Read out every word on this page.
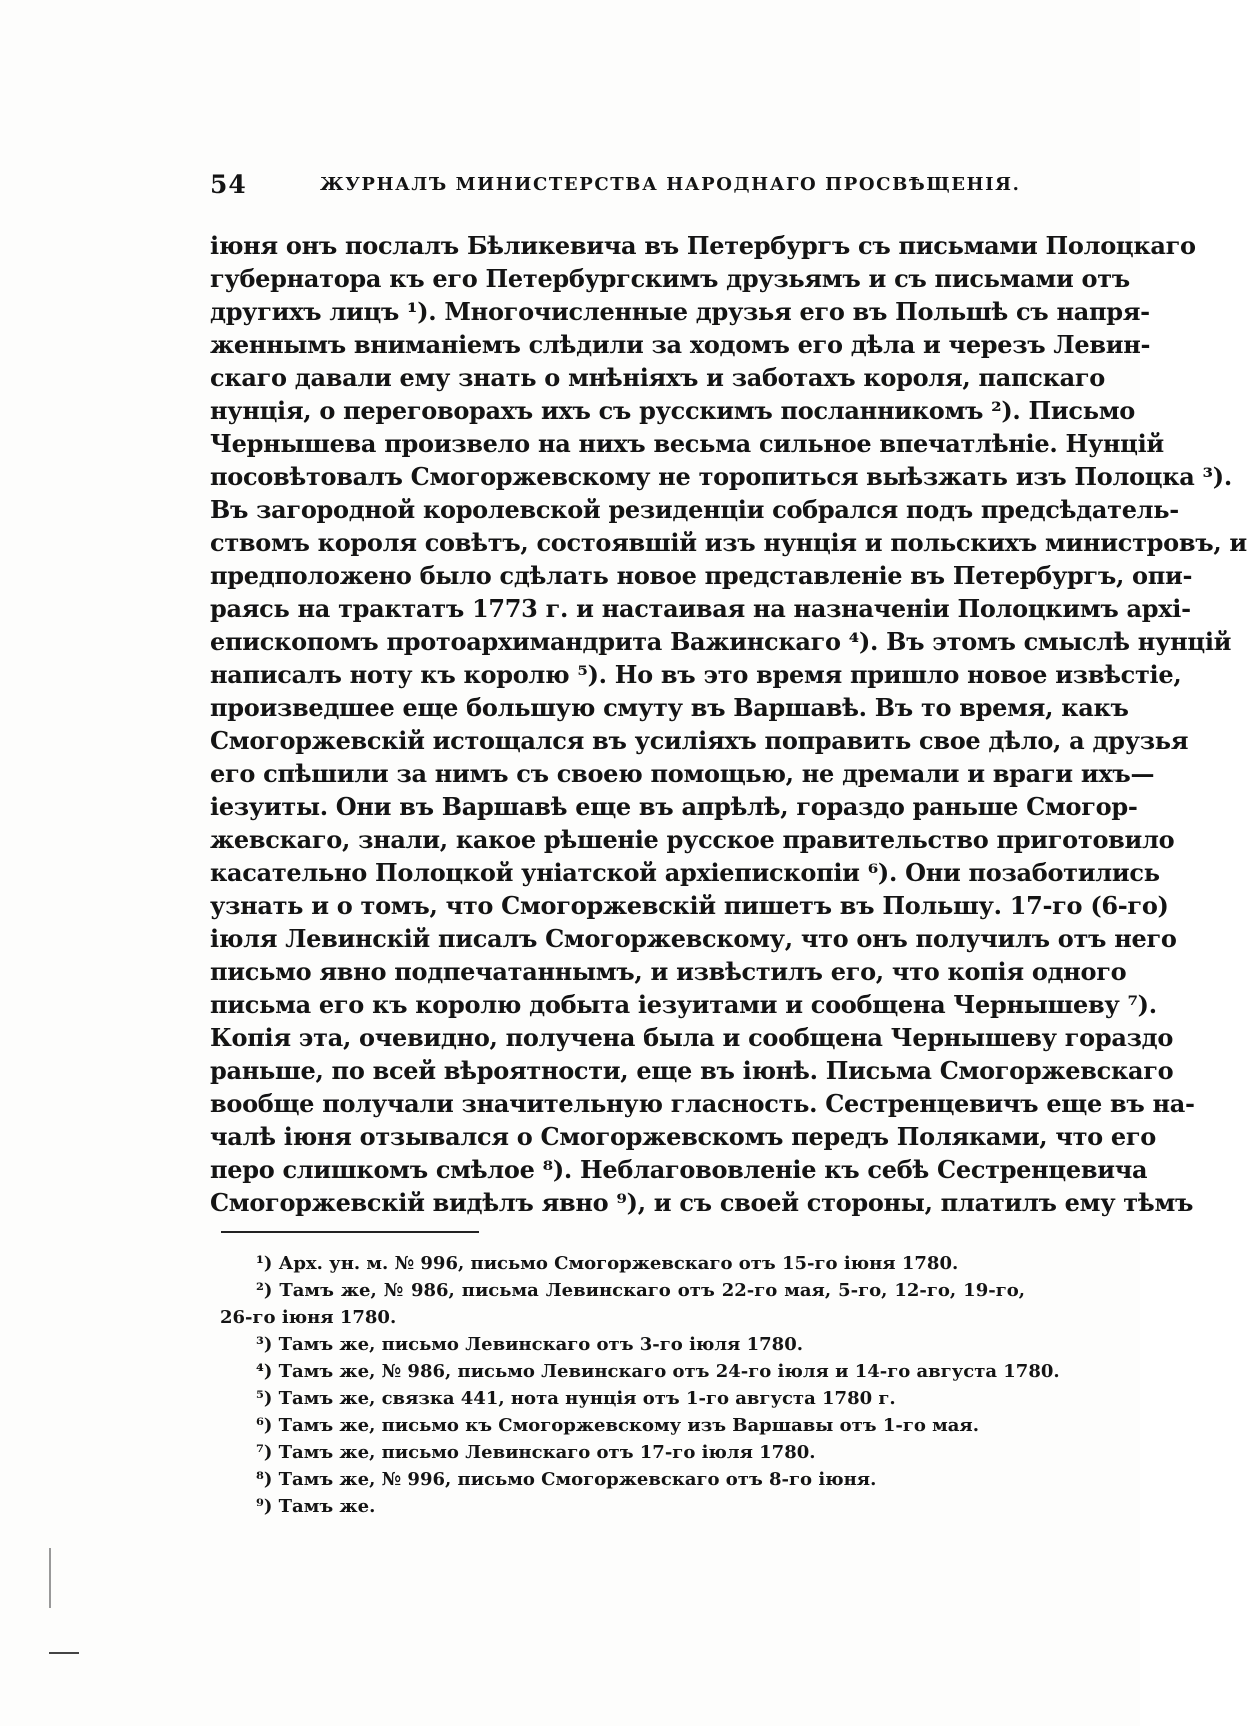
54	ЖУРНАЛЪ МИНИСТЕРСТВА НАРОДНАГО ПРОСВѢЩЕНІЯ.
іюня онъ послалъ Бѣликевича въ Петербургъ съ письмами Полоцкаго
губернатора къ его Петербургскимъ друзьямъ и съ письмами отъ
другихъ лицъ ¹). Многочисленные друзья его въ Польшѣ съ напря-
женнымъ вниманіемъ слѣдили за ходомъ его дѣла и черезъ Левин-
скаго давали ему знать о мнѣніяхъ и заботахъ короля, папскаго
нунція, о переговорахъ ихъ съ русскимъ посланникомъ ²). Письмо
Чернышева произвело на нихъ весьма сильное впечатлѣніе. Нунцій
посовѣтовалъ Смогоржевскому не торопиться выѣзжать изъ Полоцка ³).
Въ загородной королевской резиденціи собрался подъ предсѣдатель-
ствомъ короля совѣтъ, состоявшій изъ нунція и польскихъ министровъ, и
предположено было сдѣлать новое представленіе въ Петербургъ, опи-
раясь на трактатъ 1773 г. и настаивая на назначеніи Полоцкимъ архі-
епископомъ протоархимандрита Важинскаго ⁴). Въ этомъ смыслѣ нунцій
написалъ ноту къ королю ⁵). Но въ это время пришло новое извѣстіе,
произведшее еще большую смуту въ Варшавѣ. Въ то время, какъ
Смогоржевскій истощался въ усиліяхъ поправить свое дѣло, а друзья
его спѣшили за нимъ съ своею помощью, не дремали и враги ихъ—
іезуиты. Они въ Варшавѣ еще въ апрѣлѣ, гораздо раньше Смогор-
жевскаго, знали, какое рѣшеніе русское правительство приготовило
касательно Полоцкой уніатской архіепископіи ⁶). Они позаботились
узнать и о томъ, что Смогоржевскій пишетъ въ Польшу. 17-го (6-го)
іюля Левинскій писалъ Смогоржевскому, что онъ получилъ отъ него
письмо явно подпечатаннымъ, и извѣстилъ его, что копія одного
письма его къ королю добыта іезуитами и сообщена Чернышеву ⁷).
Копія эта, очевидно, получена была и сообщена Чернышеву гораздо
раньше, по всей вѣроятности, еще въ іюнѣ. Письма Смогоржевскаго
вообще получали значительную гласность. Сестренцевичъ еще въ на-
чалѣ іюня отзывался о Смогоржевскомъ передъ Поляками, что его
перо слишкомъ смѣлое ⁸). Неблагововленіе къ себѣ Сестренцевича
Смогоржевскій видѣлъ явно ⁹), и съ своей стороны, платилъ ему тѣмъ
¹) Арх. ун. м. № 996, письмо Смогоржевскаго отъ 15-го іюня 1780.
²) Тамъ же, № 986, письма Левинскаго отъ 22-го мая, 5-го, 12-го, 19-го,
26-го іюня 1780.
³) Тамъ же, письмо Левинскаго отъ 3-го іюля 1780.
⁴) Тамъ же, № 986, письмо Левинскаго отъ 24-го іюля и 14-го августа 1780.
⁵) Тамъ же, связка 441, нота нунція отъ 1-го августа 1780 г.
⁶) Тамъ же, письмо къ Смогоржевскому изъ Варшавы отъ 1-го мая.
⁷) Тамъ же, письмо Левинскаго отъ 17-го іюля 1780.
⁸) Тамъ же, № 996, письмо Смогоржевскаго отъ 8-го іюня.
⁹) Тамъ же.
